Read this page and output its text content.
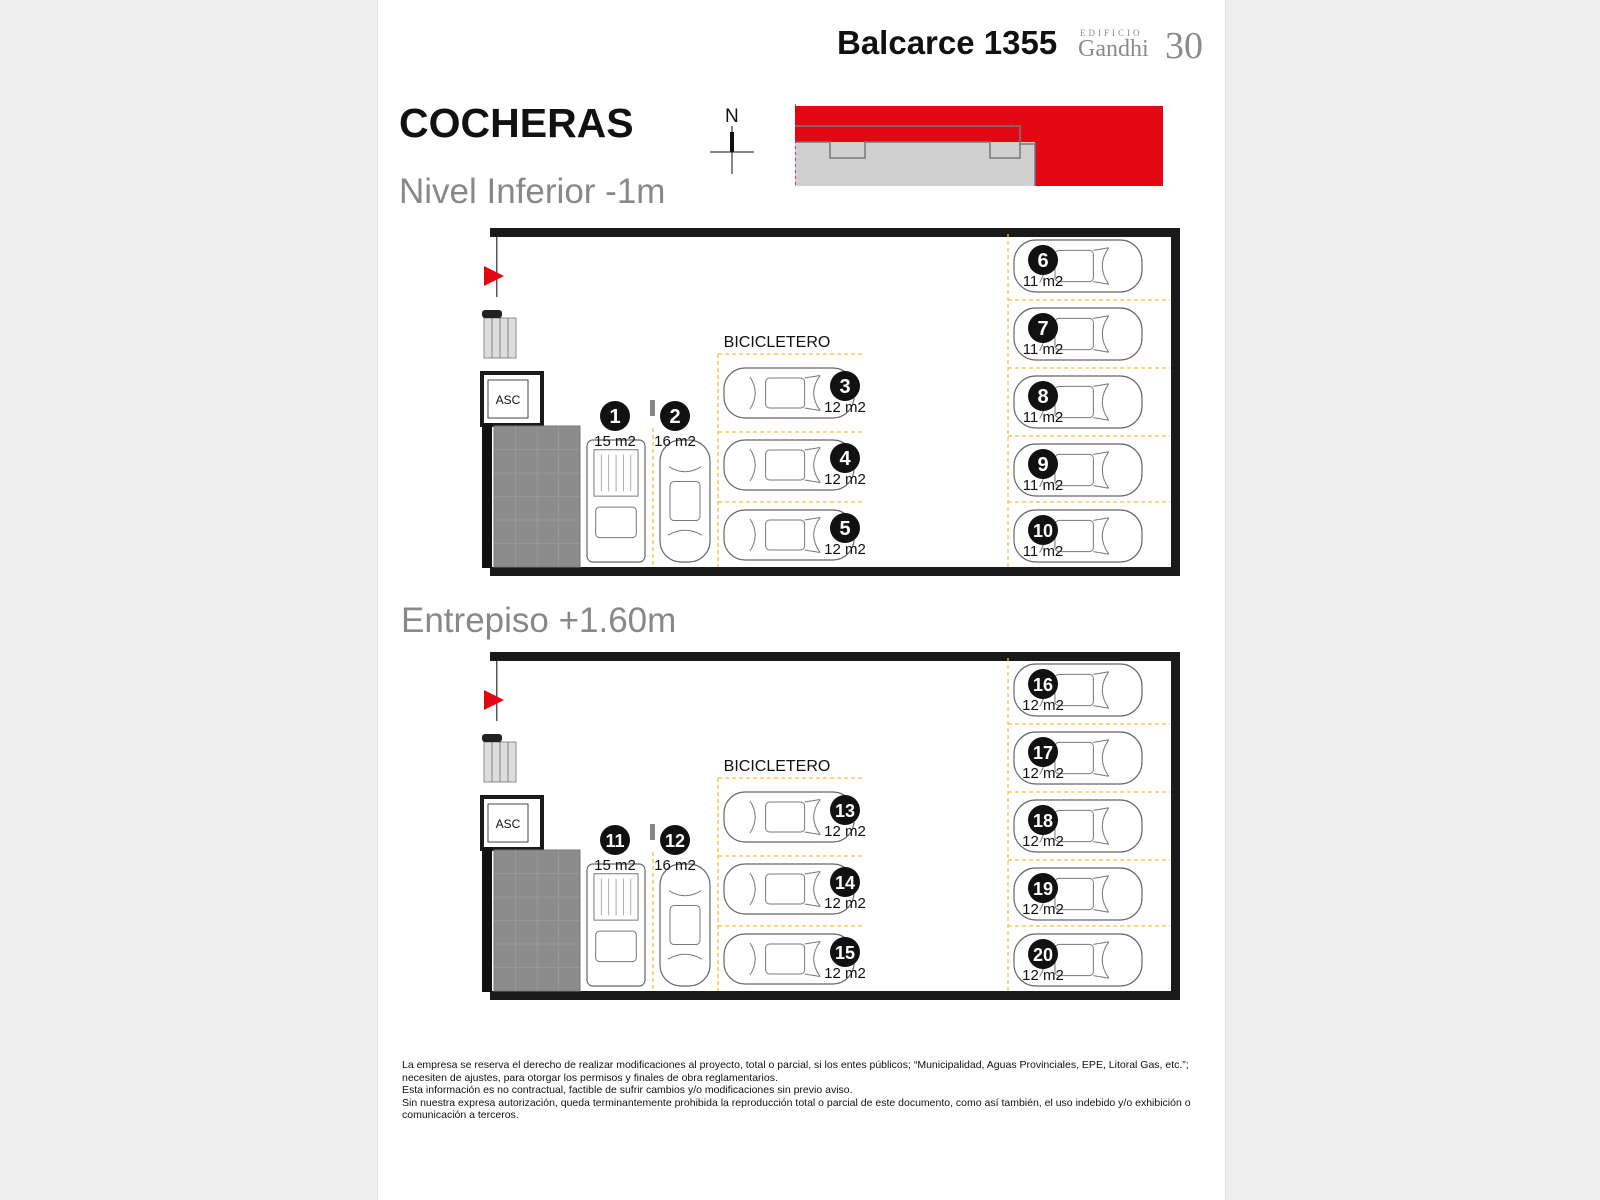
Balcarce 1355	EDIFICIO
Gandhi 30
COCHERAS	N
Nivel Inferior -1m
Entrepiso +1.60m
ASC
1
15 m2
2
16 m2
BICICLETERO
3
12 m2
4
12 m2
5
12 m2
6
11 m2
7
11 m2
8
11 m2
9
11 m2
10
11 m2
ASC
11
15 m2
12
16 m2
BICICLETERO
13
12 m2
14
12 m2
15
12 m2
16
12 m2
17
12 m2
18
12 m2
19
12 m2
20
12 m2
La empresa se reserva el derecho de realizar modificaciones al proyecto, total o parcial, si los entes públicos; “Municipalidad, Aguas Provinciales, EPE, Litoral Gas, etc.”; necesiten de ajustes, para otorgar los permisos y finales de obra reglamentarios.
Esta información es no contractual, factible de sufrir cambios y/o modificaciones sin previo aviso.
Sin nuestra expresa autorización, queda terminantemente prohibida la reproducción total o parcial de este documento, como así también, el uso indebido y/o exhibición o comunicación a terceros.
